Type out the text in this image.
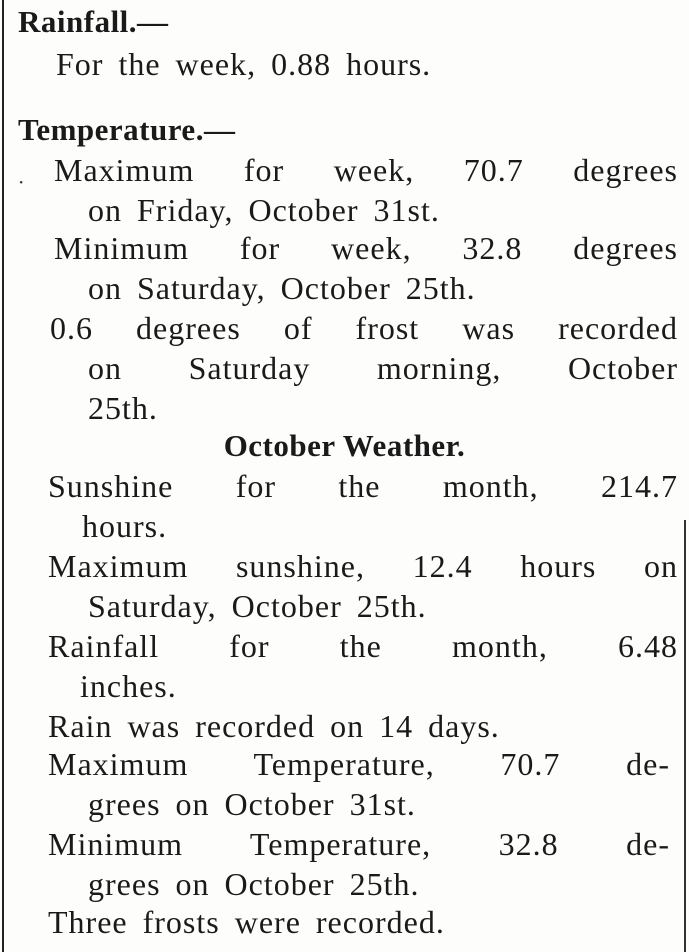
Rainfall.—
For the week, 0.88 hours.
Temperature.—
· Maximum for week, 70.7 degrees
on Friday, October 31st.
Minimum for week, 32.8 degrees
on Saturday, October 25th.
0.6 degrees of frost was recorded
on Saturday morning, October
25th.
October Weather.
Sunshine for the month, 214.7
hours.
Maximum sunshine, 12.4 hours on
Saturday, October 25th.
Rainfall for the month, 6.48
inches.
Rain was recorded on 14 days.
Maximum Temperature, 70.7 de-
grees on October 31st.
Minimum Temperature, 32.8 de-
grees on October 25th.
Three frosts were recorded.
